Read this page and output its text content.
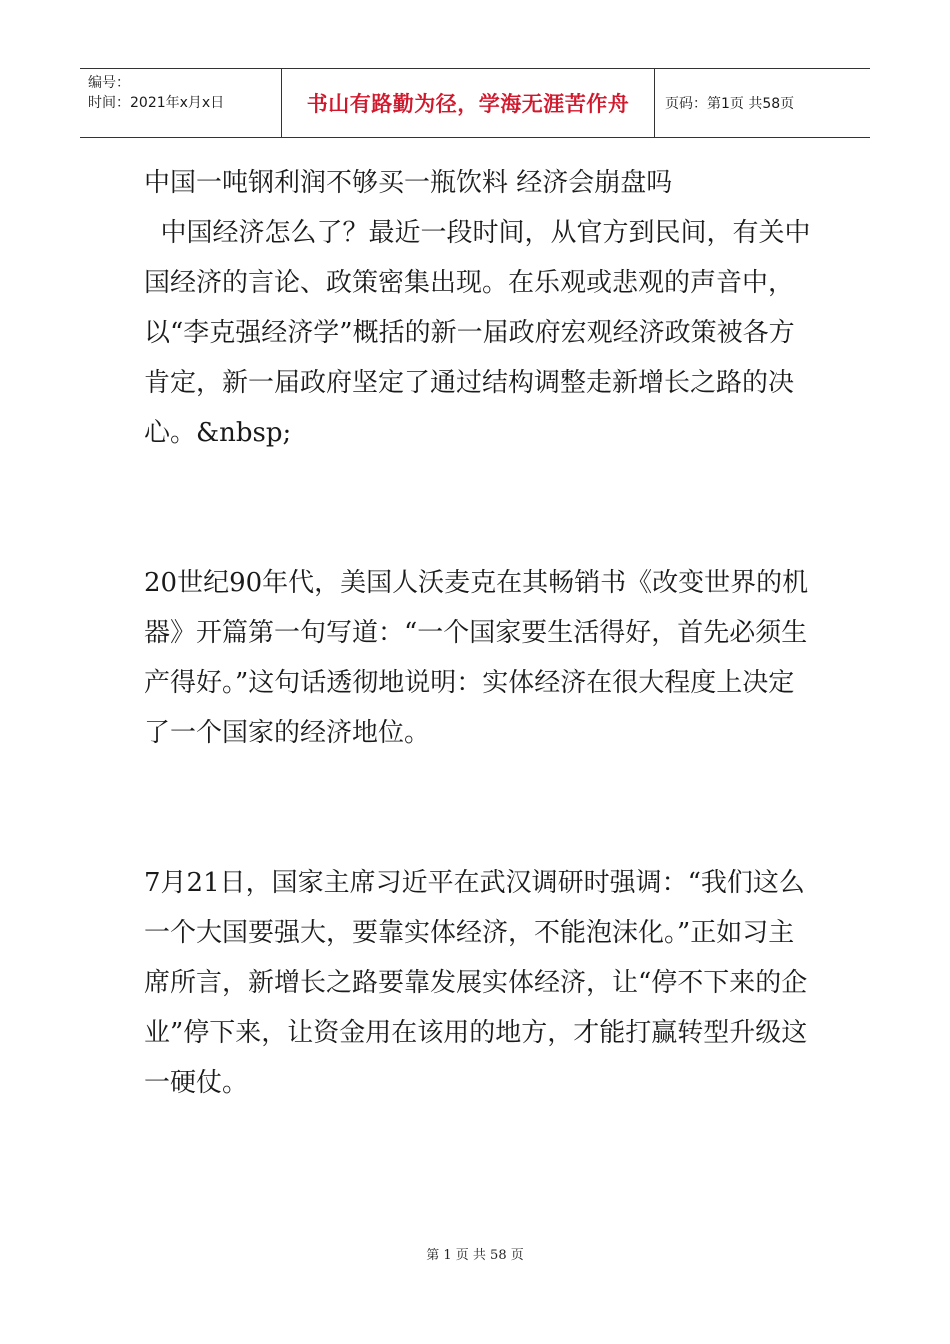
编号：
时间：2021年x月x日	书山有路勤为径，学海无涯苦作舟	页码：第1页 共58页
中国一吨钢利润不够买一瓶饮料 经济会崩盘吗

中国经济怎么了？最近一段时间，从官方到民间，有关中国经济的言论、政策密集出现。在乐观或悲观的声音中，以“李克强经济学”概括的新一届政府宏观经济政策被各方肯定，新一届政府坚定了通过结构调整走新增长之路的决心。&nbsp;

20世纪90年代，美国人沃麦克在其畅销书《改变世界的机器》开篇第一句写道：“一个国家要生活得好，首先必须生产得好。”这句话透彻地说明：实体经济在很大程度上决定了一个国家的经济地位。

7月21日，国家主席习近平在武汉调研时强调：“我们这么一个大国要强大，要靠实体经济，不能泡沫化。”正如习主席所言，新增长之路要靠发展实体经济，让“停不下来的企业”停下来，让资金用在该用的地方，才能打赢转型升级这一硬仗。

第 1 页 共 58 页
